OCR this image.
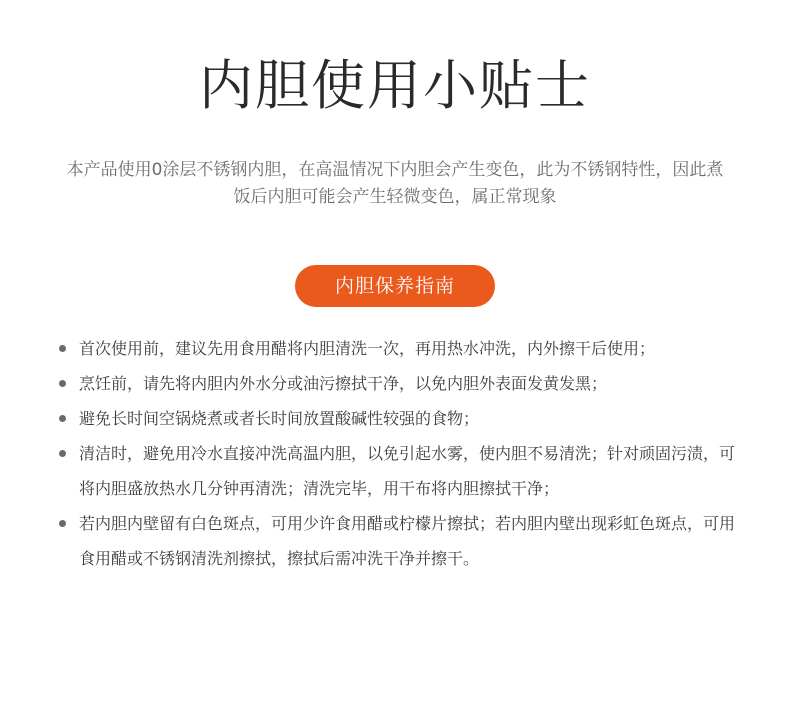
内胆使用小贴士

本产品使用0涂层不锈钢内胆，在高温情况下内胆会产生变色，此为不锈钢特性，因此煮饭后内胆可能会产生轻微变色，属正常现象

内胆保养指南
首次使用前，建议先用食用醋将内胆清洗一次，再用热水冲洗，内外擦干后使用；
烹饪前，请先将内胆内外水分或油污擦拭干净，以免内胆外表面发黄发黑；
避免长时间空锅烧煮或者长时间放置酸碱性较强的食物；
清洁时，避免用冷水直接冲洗高温内胆，以免引起水雾，使内胆不易清洗；针对顽固污渍，可将内胆盛放热水几分钟再清洗；清洗完毕，用干布将内胆擦拭干净；
若内胆内壁留有白色斑点，可用少许食用醋或柠檬片擦拭；若内胆内壁出现彩虹色斑点，可用食用醋或不锈钢清洗剂擦拭，擦拭后需冲洗干净并擦干。
